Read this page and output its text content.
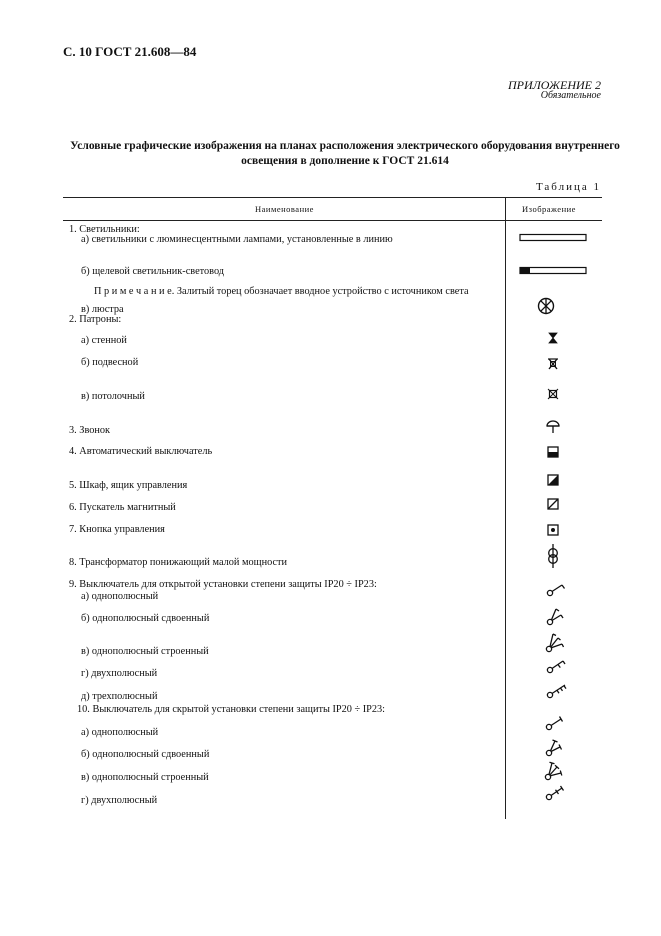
С. 10 ГОСТ 21.608—84
ПРИЛОЖЕНИЕ 2
Обязательное
Условные графические изображения на планах расположения электрического оборудования внутреннего освещения в дополнение к ГОСТ 21.614
Таблица 1
Наименование	Изображение
1. Светильники:
а) светильники с люминесцентными лампами, установленные в линию
б) щелевой светильник-световод
П р и м е ч а н и е. Залитый торец обозначает вводное устройство с источником света
в) люстра
2. Патроны:
а) стенной
б) подвесной
в) потолочный
3. Звонок
4. Автоматический выключатель
5. Шкаф, ящик управления
6. Пускатель магнитный
7. Кнопка управления
8. Трансформатор понижающий малой мощности
9. Выключатель для открытой установки степени защиты IP20 ÷ IP23:
а) однополюсный
б) однополюсный сдвоенный
в) однополюсный строенный
г) двухполюсный
д) трехполюсный
10. Выключатель для скрытой установки степени защиты IP20 ÷ IP23:
а) однополюсный
б) однополюсный сдвоенный
в) однополюсный строенный
г) двухполюсный
